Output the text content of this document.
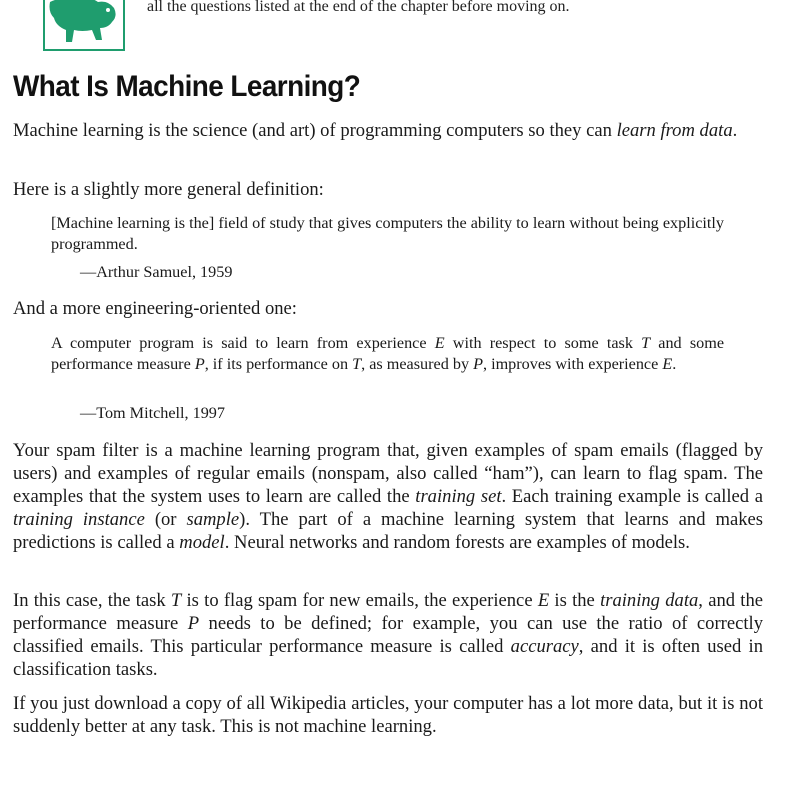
all the questions listed at the end of the chapter before moving on.
What Is Machine Learning?

Machine learning is the science (and art) of programming computers so they can learn from data.

Here is a slightly more general definition:

[Machine learning is the] field of study that gives computers the ability to learn without being explicitly programmed.

—Arthur Samuel, 1959

And a more engineering-oriented one:

A computer program is said to learn from experience E with respect to some task T and some performance measure P, if its performance on T, as measured by P, improves with experience E.

—Tom Mitchell, 1997

Your spam filter is a machine learning program that, given examples of spam emails (flagged by users) and examples of regular emails (nonspam, also called “ham”), can learn to flag spam. The examples that the system uses to learn are called the training set. Each training example is called a training instance (or sample). The part of a machine learning system that learns and makes predictions is called a model. Neural networks and random forests are examples of models.

In this case, the task T is to flag spam for new emails, the experience E is the training data, and the performance measure P needs to be defined; for example, you can use the ratio of correctly classified emails. This particular performance measure is called accuracy, and it is often used in classification tasks.

If you just download a copy of all Wikipedia articles, your computer has a lot more data, but it is not suddenly better at any task. This is not machine learning.
